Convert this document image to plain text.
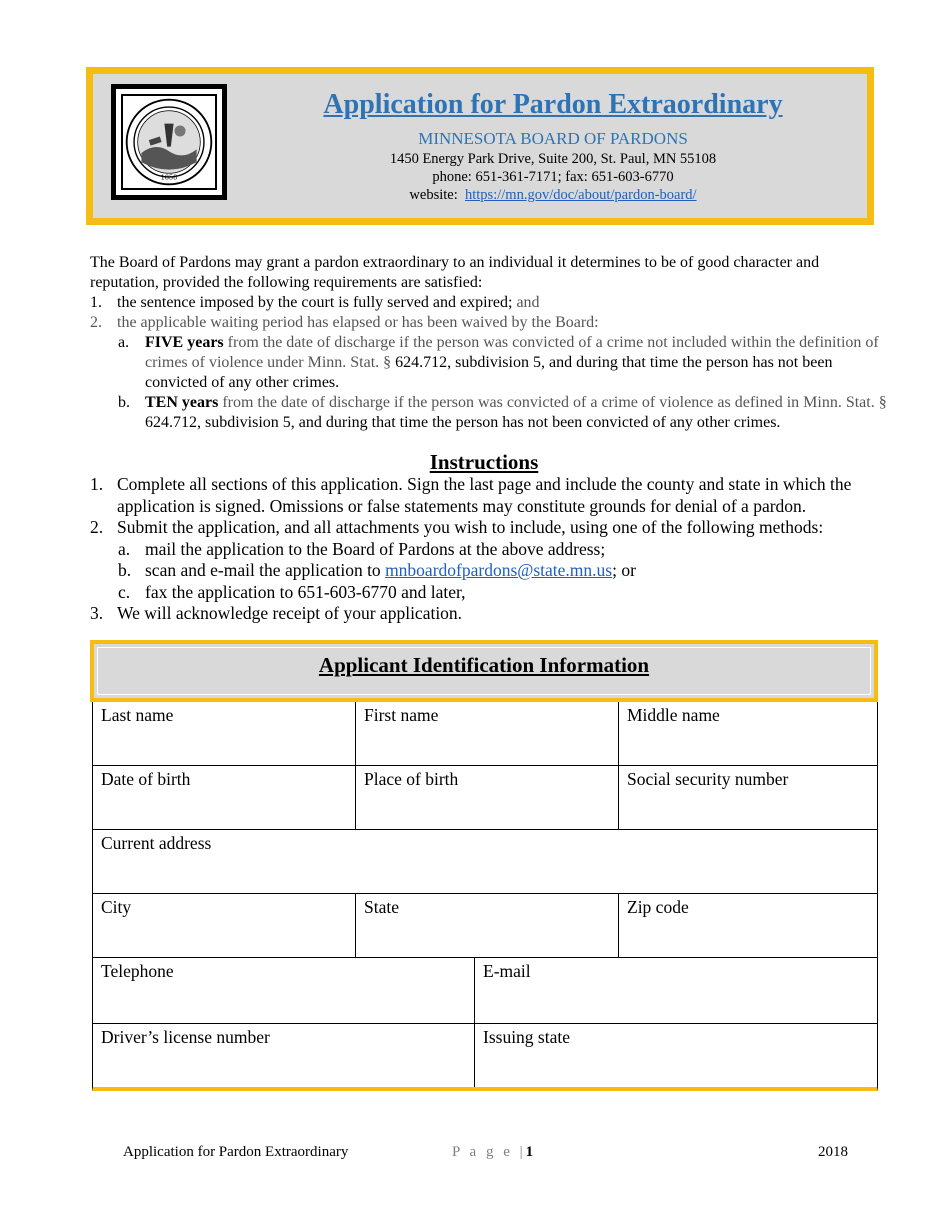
1858
Application for Pardon Extraordinary
MINNESOTA BOARD OF PARDONS
1450 Energy Park Drive, Suite 200, St. Paul, MN 55108
phone: 651-361-7171; fax: 651-603-6770
website: https://mn.gov/doc/about/pardon-board/

The Board of Pardons may grant a pardon extraordinary to an individual it determines to be of good character and reputation, provided the following requirements are satisfied:

1. the sentence imposed by the court is fully served and expired; and
2. the applicable waiting period has elapsed or has been waived by the Board:
a. FIVE years from the date of discharge if the person was convicted of a crime not included within the definition of crimes of violence under Minn. Stat. § 624.712, subdivision 5, and during that time the person has not been convicted of any other crimes.
b. TEN years from the date of discharge if the person was convicted of a crime of violence as defined in Minn. Stat. § 624.712, subdivision 5, and during that time the person has not been convicted of any other crimes.
Instructions
1. Complete all sections of this application. Sign the last page and include the county and state in which the application is signed. Omissions or false statements may constitute grounds for denial of a pardon.
2. Submit the application, and all attachments you wish to include, using one of the following methods:
a. mail the application to the Board of Pardons at the above address;
b. scan and e-mail the application to mnboardofpardons@state.mn.us; or
c. fax the application to 651-603-6770 and later,
3. We will acknowledge receipt of your application.
Applicant Identification Information
Last name	First name	Middle name
Date of birth	Place of birth	Social security number
Current address
City	State	Zip code
Telephone	E-mail
Driver’s license number	Issuing state
Application for Pardon Extraordinary	P a g e |1	2018
